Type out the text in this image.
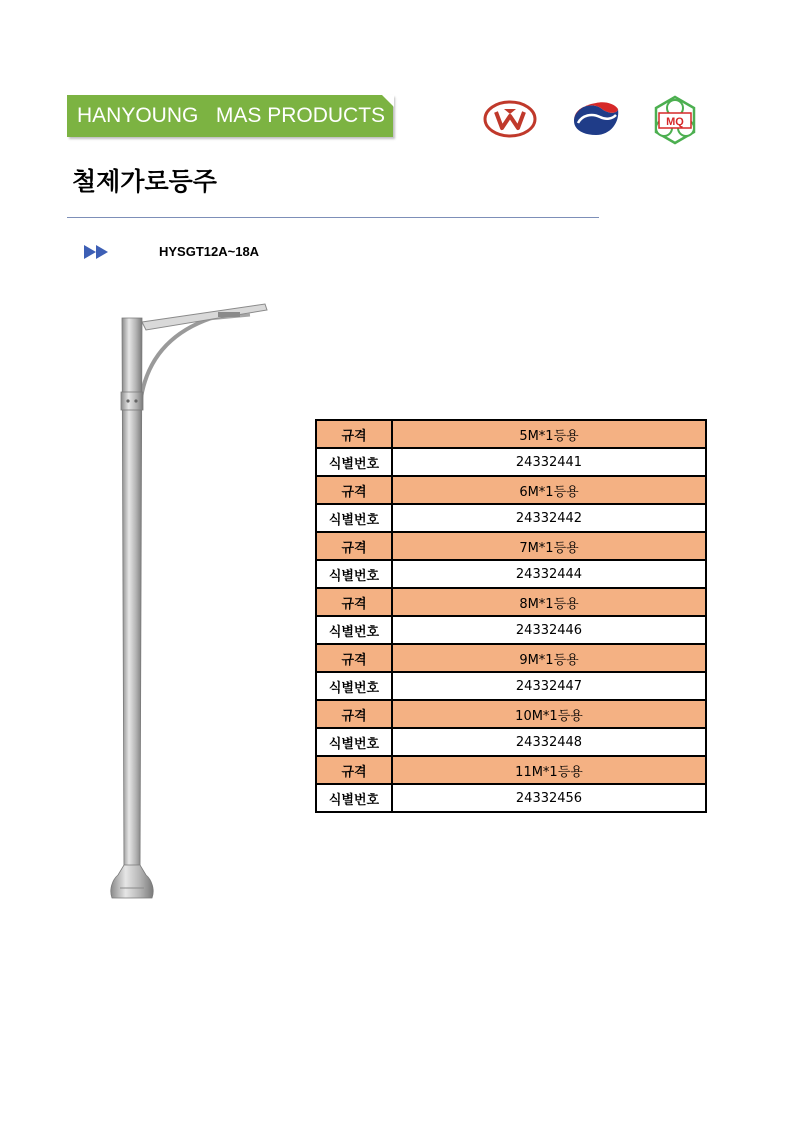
HANYOUNG   MAS PRODUCTS	MQ
철제가로등주
HYSGT12A~18A
규격	5M*1등용
식별번호	24332441
규격	6M*1등용
식별번호	24332442
규격	7M*1등용
식별번호	24332444
규격	8M*1등용
식별번호	24332446
규격	9M*1등용
식별번호	24332447
규격	10M*1등용
식별번호	24332448
규격	11M*1등용
식별번호	24332456
